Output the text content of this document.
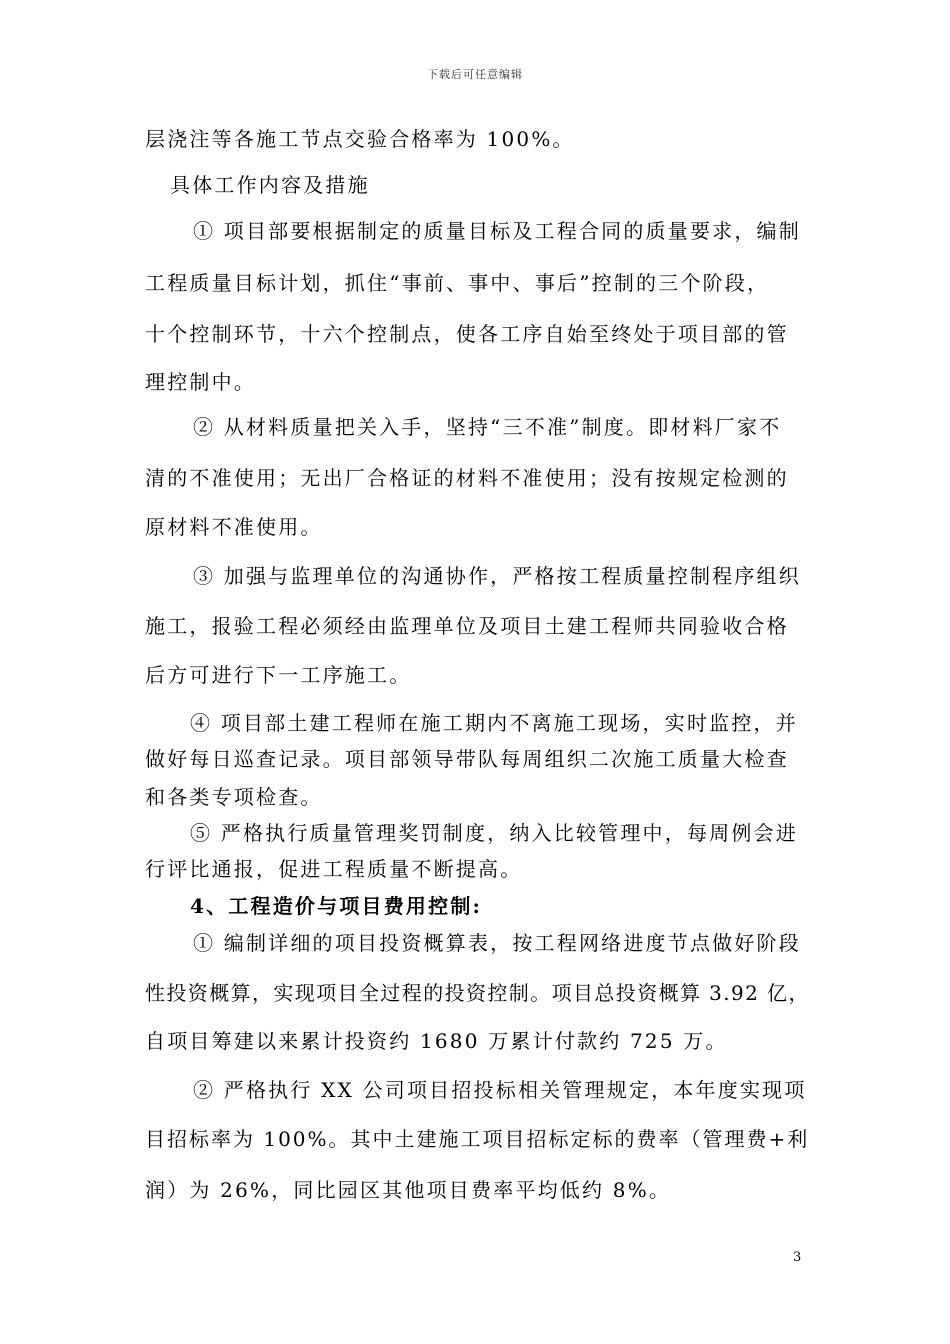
下载后可任意编辑
层浇注等各施工节点交验合格率为 100%。
具体工作内容及措施
① 项目部要根据制定的质量目标及工程合同的质量要求，编制
工程质量目标计划，抓住“事前、事中、事后”控制的三个阶段，
十个控制环节，十六个控制点，使各工序自始至终处于项目部的管
理控制中。
② 从材料质量把关入手，坚持“三不准”制度。即材料厂家不
清的不准使用；无出厂合格证的材料不准使用；没有按规定检测的
原材料不准使用。
③ 加强与监理单位的沟通协作，严格按工程质量控制程序组织
施工，报验工程必须经由监理单位及项目土建工程师共同验收合格
后方可进行下一工序施工。
④ 项目部土建工程师在施工期内不离施工现场，实时监控，并
做好每日巡查记录。项目部领导带队每周组织二次施工质量大检查
和各类专项检查。
⑤ 严格执行质量管理奖罚制度，纳入比较管理中，每周例会进
行评比通报，促进工程质量不断提高。
4、工程造价与项目费用控制:
① 编制详细的项目投资概算表，按工程网络进度节点做好阶段
性投资概算，实现项目全过程的投资控制。项目总投资概算 3.92 亿，
自项目筹建以来累计投资约 1680 万累计付款约 725 万。
② 严格执行 XX 公司项目招投标相关管理规定，本年度实现项
目招标率为 100%。其中土建施工项目招标定标的费率（管理费+利
润）为 26%，同比园区其他项目费率平均低约 8%。
3
